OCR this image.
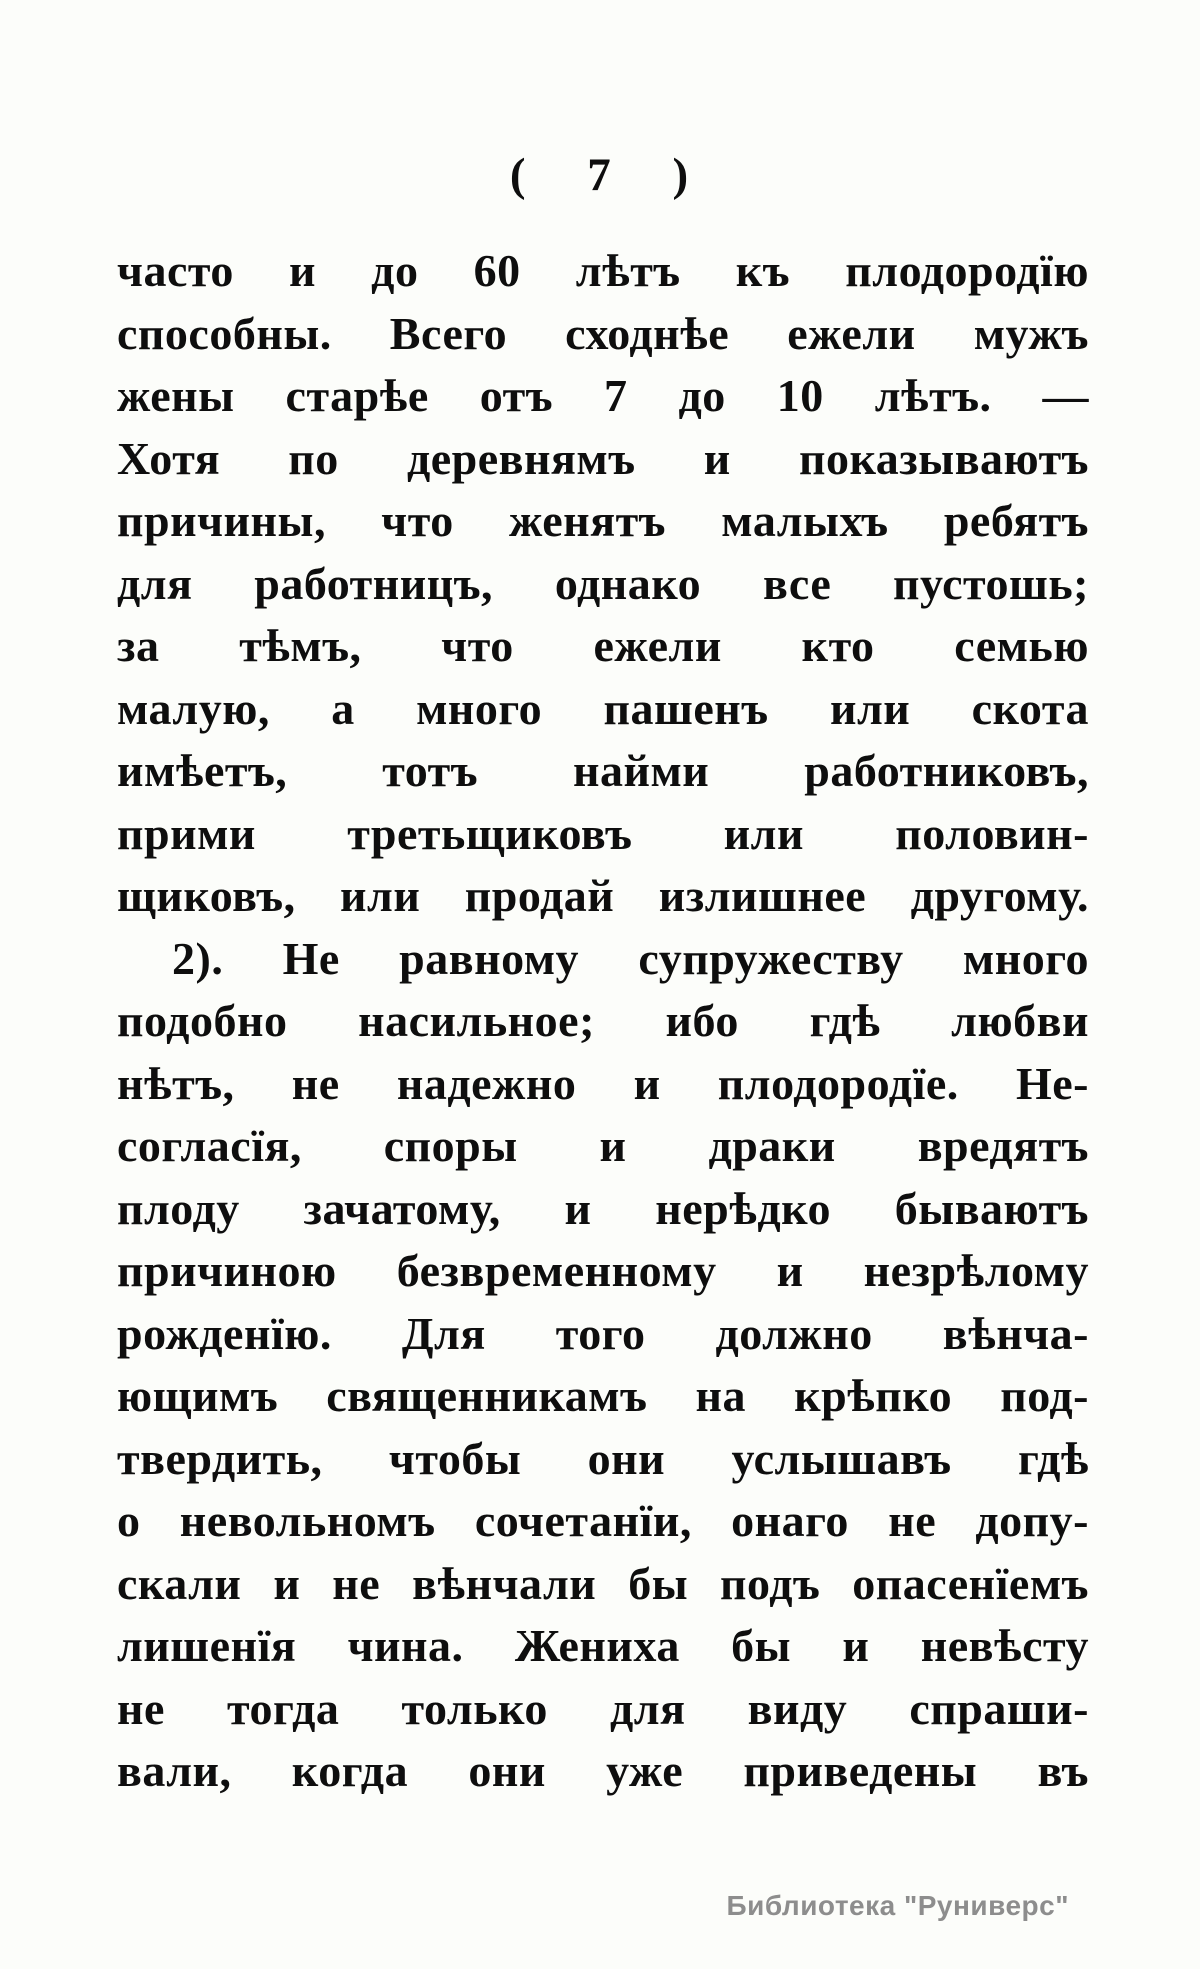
( 7 )
часто и до 60 лѣтъ къ плодородїю
способны. Всего сходнѣе ежели мужъ
жены старѣе отъ 7 до 10 лѣтъ. —
Хотя по деревнямъ и показываютъ
причины, что женятъ малыхъ ребятъ
для работницъ, однако все пустошь;
за тѣмъ, что ежели кто семью
малую, а много пашенъ или скота
имѣетъ, тотъ найми работниковъ,
прими третьщиковъ или половин-
щиковъ, или продай излишнее другому.
2). Не равному супружеству много
подобно насильное; ибо гдѣ любви
нѣтъ, не надежно и плодородїе. Не-
согласїя, споры и драки вредятъ
плоду зачатому, и нерѣдко бываютъ
причиною безвременному и незрѣлому
рожденїю. Для того должно вѣнча-
ющимъ священникамъ на крѣпко под-
твердить, чтобы они услышавъ гдѣ
о невольномъ сочетанїи, онаго не допу-
скали и не вѣнчали бы подъ опасенїемъ
лишенїя чина. Жениха бы и невѣсту
не тогда только для виду спраши-
вали, когда они уже приведены въ
Библиотека "Руниверс"
